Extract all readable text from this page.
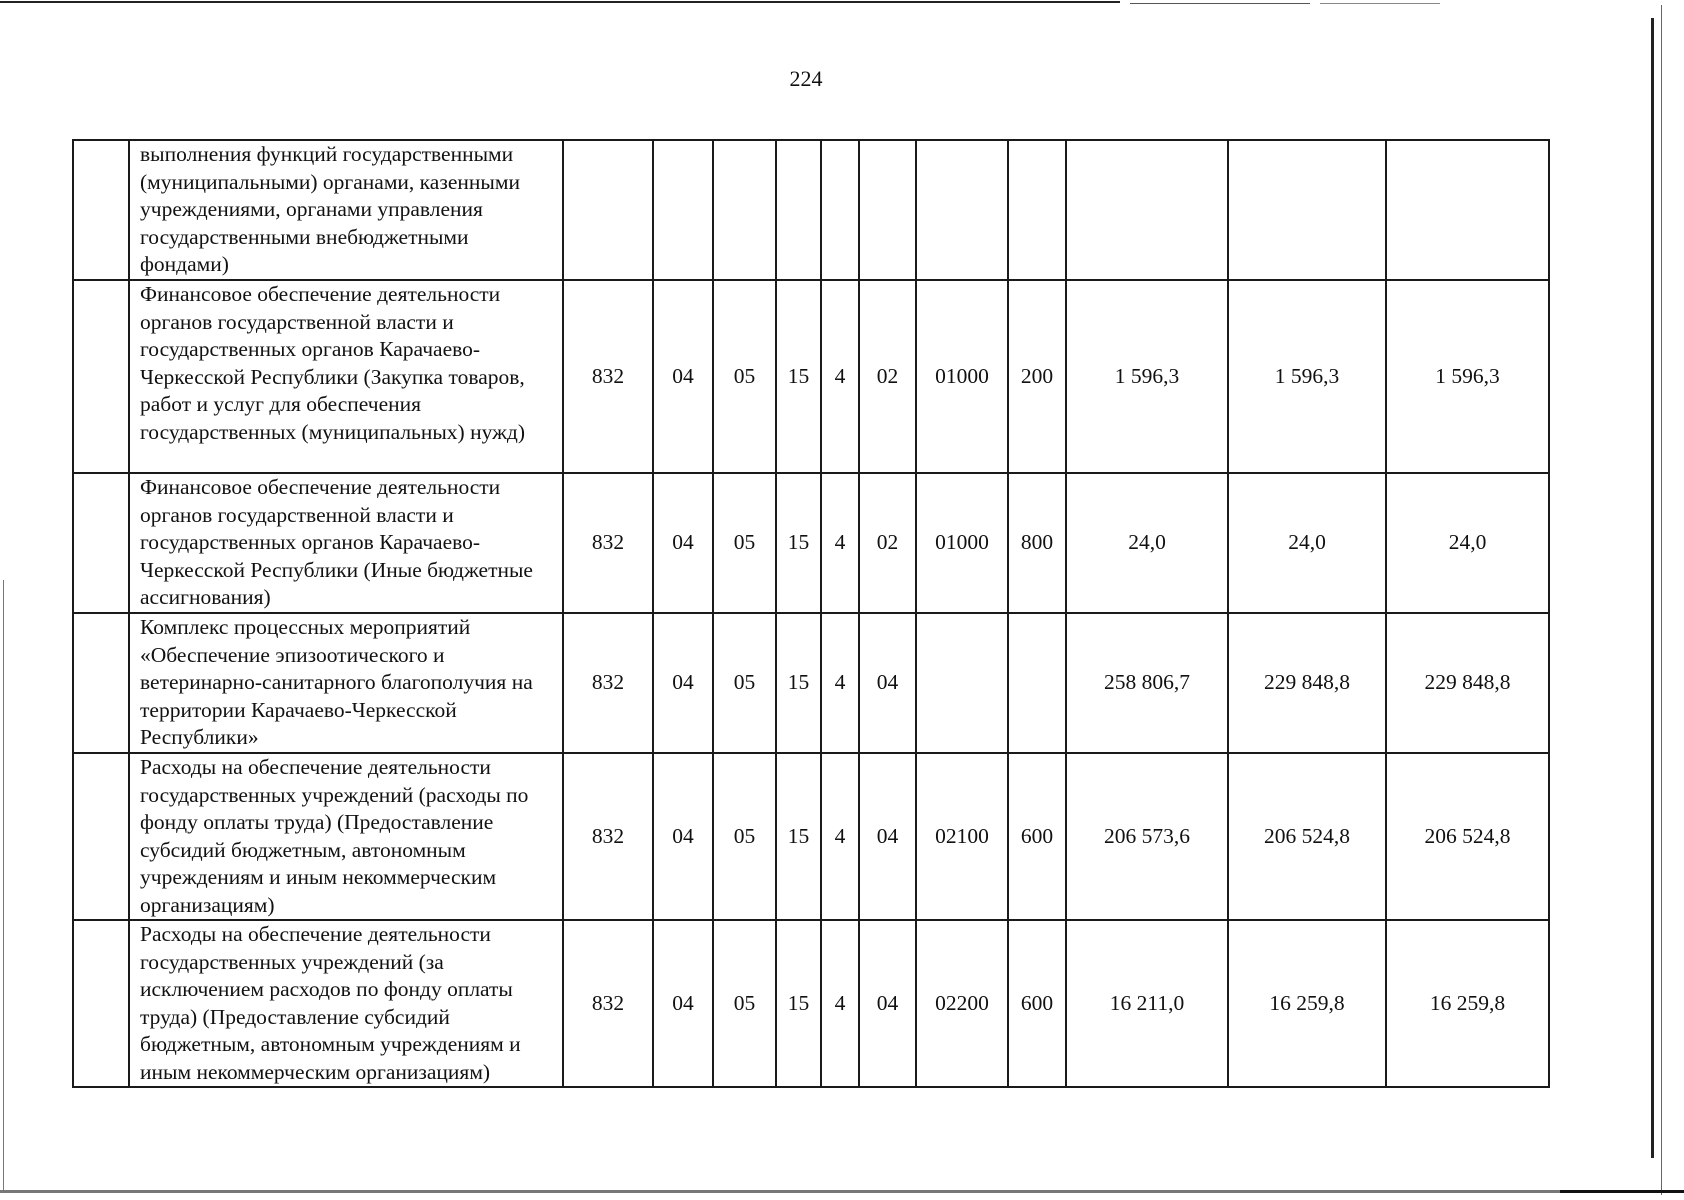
224
	выполнения функций государственными (муниципальными) органами, казенными учреждениями, органами управления государственными внебюджетными фондами)											
	Финансовое обеспечение деятельности органов государственной власти и государственных органов Карачаево-Черкесской Республики (Закупка товаров, работ и услуг для обеспечения государственных (муниципальных) нужд)	832	04	05	15	4	02	01000	200	1 596,3	1 596,3	1 596,3
	Финансовое обеспечение деятельности органов государственной власти и государственных органов Карачаево-Черкесской Республики (Иные бюджетные ассигнования)	832	04	05	15	4	02	01000	800	24,0	24,0	24,0
	Комплекс процессных мероприятий «Обеспечение эпизоотического и ветеринарно-санитарного благополучия на территории Карачаево-Черкесской Республики»	832	04	05	15	4	04			258 806,7	229 848,8	229 848,8
	Расходы на обеспечение деятельности государственных учреждений (расходы по фонду оплаты труда) (Предоставление субсидий бюджетным, автономным учреждениям и иным некоммерческим организациям)	832	04	05	15	4	04	02100	600	206 573,6	206 524,8	206 524,8
	Расходы на обеспечение деятельности государственных учреждений (за исключением расходов по фонду оплаты труда) (Предоставление субсидий бюджетным, автономным учреждениям и иным некоммерческим организациям)	832	04	05	15	4	04	02200	600	16 211,0	16 259,8	16 259,8
